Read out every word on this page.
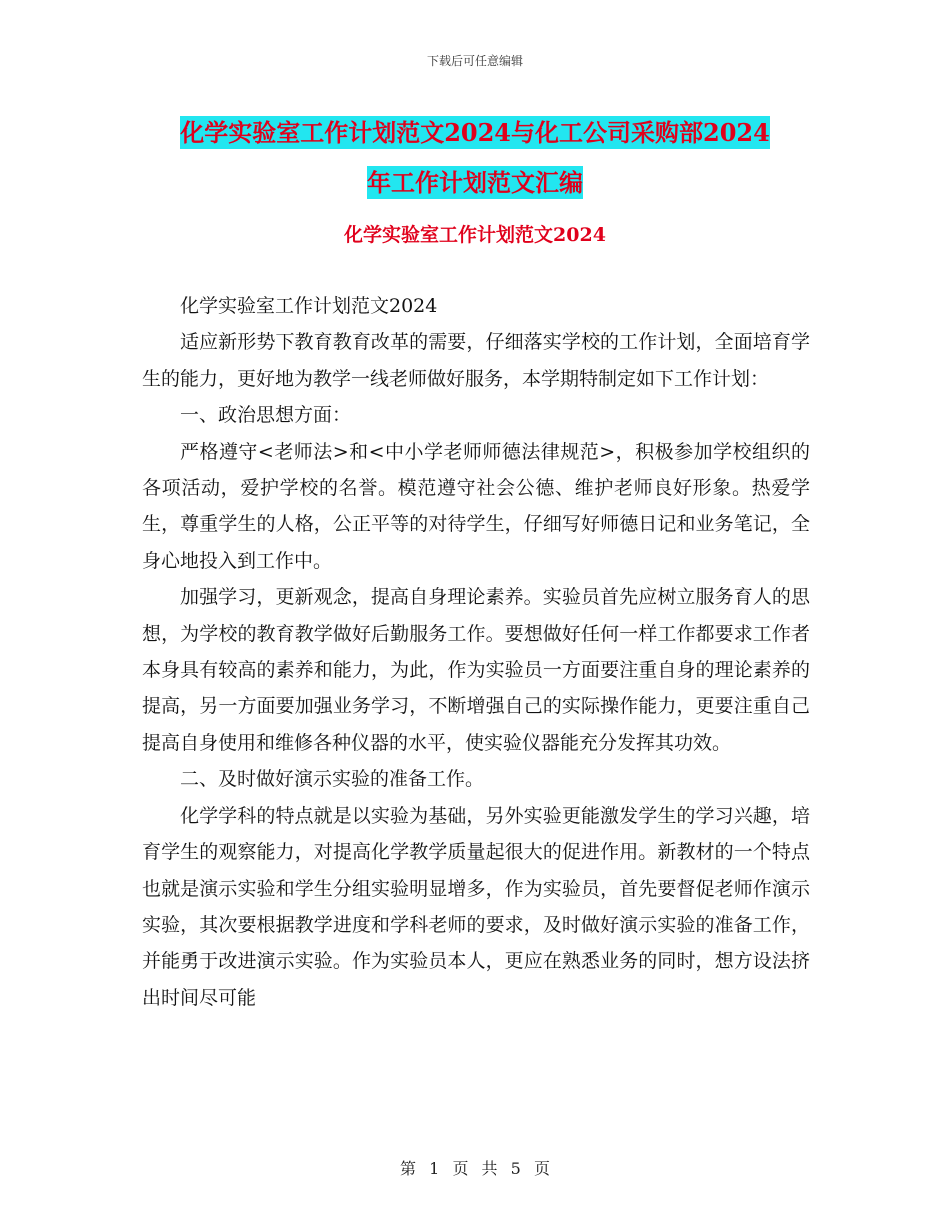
下载后可任意编辑
化学实验室工作计划范文2024与化工公司采购部2024
年工作计划范文汇编
化学实验室工作计划范文2024

化学实验室工作计划范文2024

适应新形势下教育教育改革的需要，仔细落实学校的工作计划，全面培育学生的能力，更好地为教学一线老师做好服务，本学期特制定如下工作计划：

一、政治思想方面：

严格遵守<老师法>和<中小学老师师德法律规范>，积极参加学校组织的各项活动，爱护学校的名誉。模范遵守社会公德、维护老师良好形象。热爱学生，尊重学生的人格，公正平等的对待学生，仔细写好师德日记和业务笔记，全身心地投入到工作中。

加强学习，更新观念，提高自身理论素养。实验员首先应树立服务育人的思想，为学校的教育教学做好后勤服务工作。要想做好任何一样工作都要求工作者本身具有较高的素养和能力，为此，作为实验员一方面要注重自身的理论素养的提高，另一方面要加强业务学习，不断增强自己的实际操作能力，更要注重自己提高自身使用和维修各种仪器的水平，使实验仪器能充分发挥其功效。

二、及时做好演示实验的准备工作。

化学学科的特点就是以实验为基础，另外实验更能激发学生的学习兴趣，培育学生的观察能力，对提高化学教学质量起很大的促进作用。新教材的一个特点也就是演示实验和学生分组实验明显增多，作为实验员，首先要督促老师作演示实验，其次要根据教学进度和学科老师的要求，及时做好演示实验的准备工作，并能勇于改进演示实验。作为实验员本人，更应在熟悉业务的同时，想方设法挤出时间尽可能

第 1 页 共 5 页
